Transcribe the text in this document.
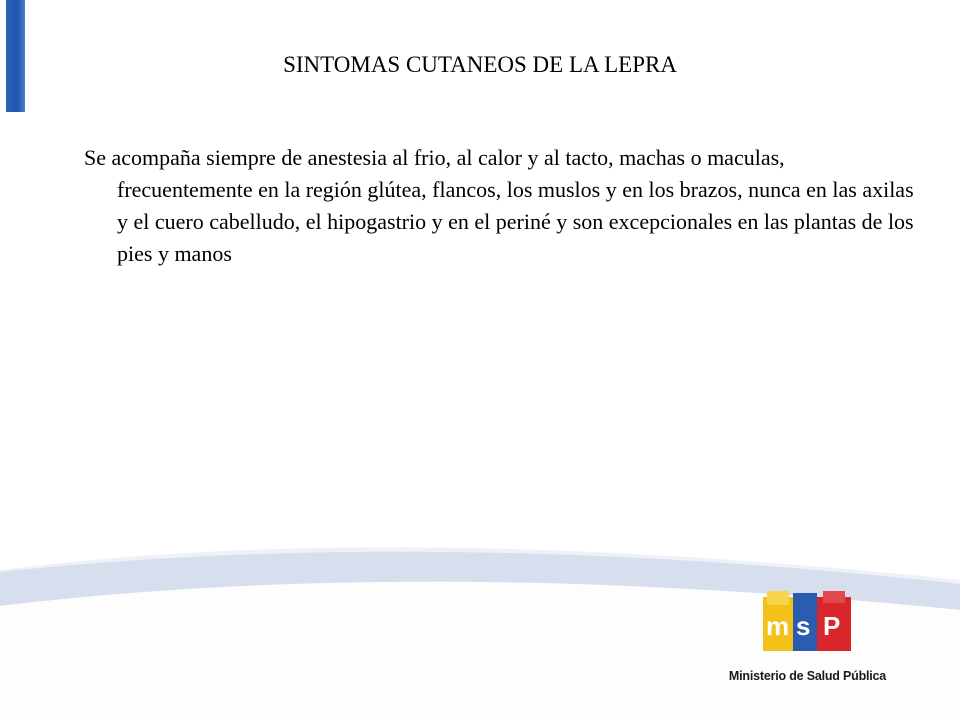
SINTOMAS CUTANEOS DE LA LEPRA
Se acompaña siempre de anestesia al frio, al calor y al tacto, machas o maculas, frecuentemente en la región glútea, flancos, los muslos y en los brazos, nunca en las axilas y el cuero cabelludo, el hipogastrio y en el periné y son excepcionales en las plantas de los pies y manos
m s P
Ministerio de Salud Pública
